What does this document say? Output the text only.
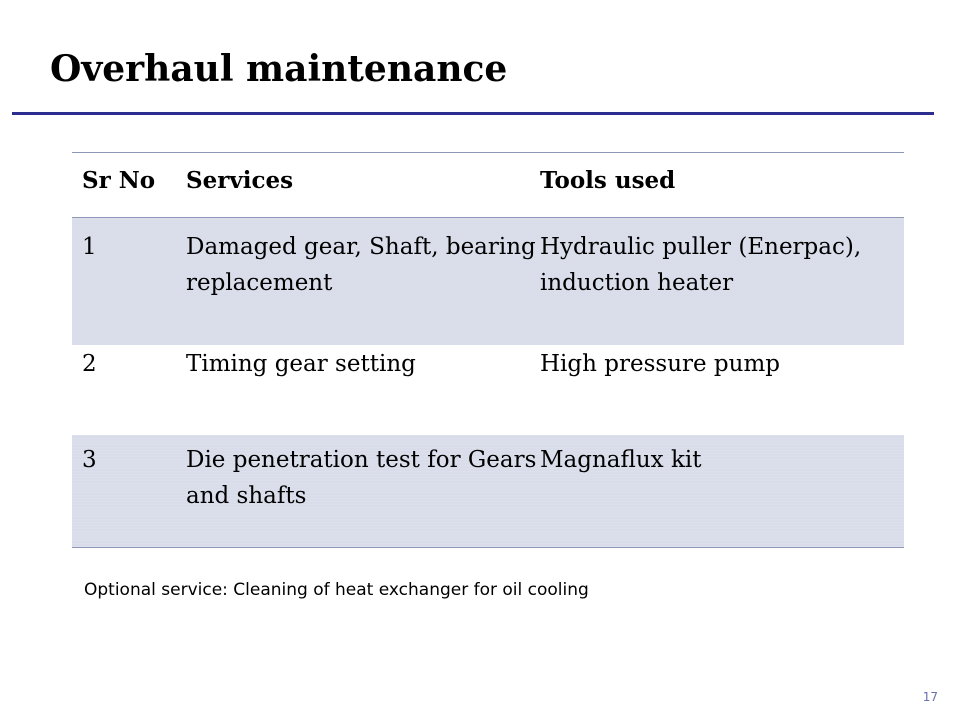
Overhaul maintenance
Sr No	Services	Tools used
1	Damaged gear, Shaft, bearing replacement	Hydraulic puller (Enerpac), induction heater
2	Timing gear setting	High pressure pump
3	Die penetration test for Gears and shafts	Magnaflux kit
Optional service: Cleaning of heat exchanger for oil cooling
17
